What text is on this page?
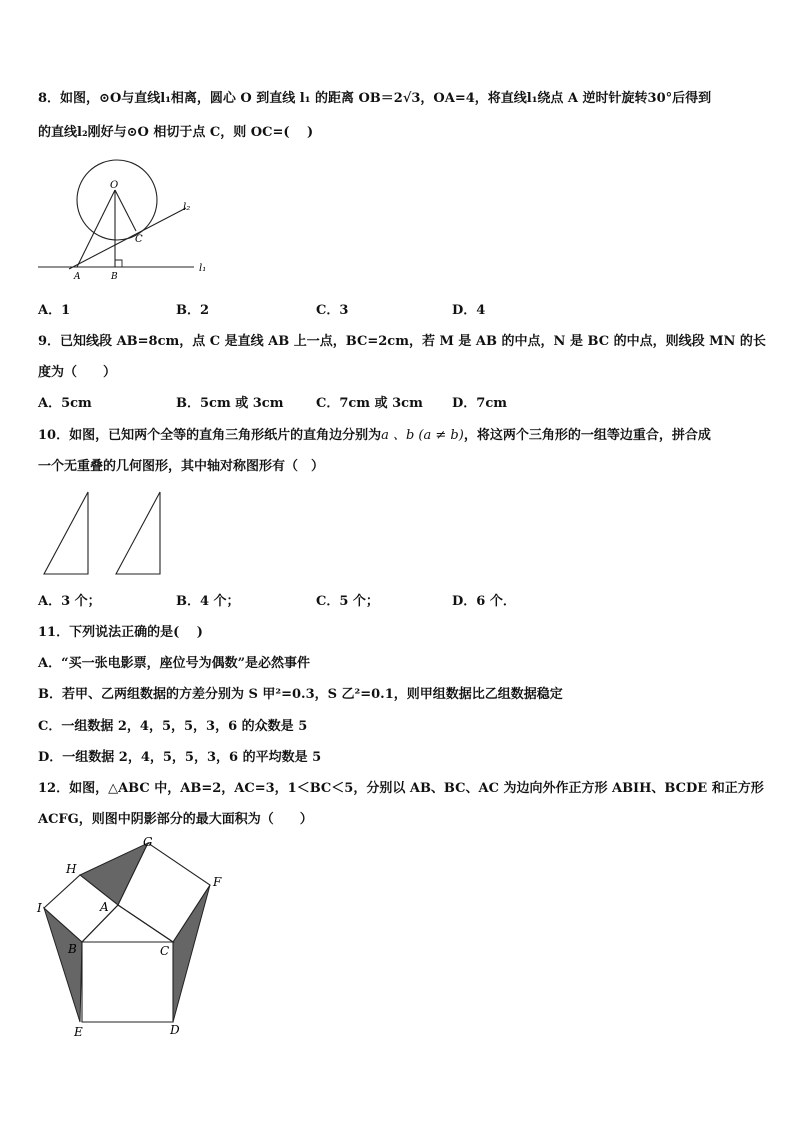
8．如图，⊙O与直线l₁相离，圆心 O 到直线 l₁ 的距离 OB＝2√3，OA=4，将直线l₁绕点 A 逆时针旋转30°后得到
的直线l₂刚好与⊙O 相切于点 C，则 OC=(　 )
O
C
A	B
l₁
l₂
A．1	B．2	C．3	D．4
9．已知线段 AB=8cm，点 C 是直线 AB 上一点，BC=2cm，若 M 是 AB 的中点，N 是 BC 的中点，则线段 MN 的长
度为（　　）
A．5cm	B．5cm 或 3cm	C．7cm 或 3cm D．7cm
10．如图，已知两个全等的直角三角形纸片的直角边分别为a 、b (a ≠ b)，将这两个三角形的一组等边重合，拼合成
一个无重叠的几何图形，其中轴对称图形有（　）
A．3 个；	B．4 个；	C．5 个；	D．6 个．
11．下列说法正确的是(　 )
A．“买一张电影票，座位号为偶数”是必然事件
B．若甲、乙两组数据的方差分别为 S 甲²=0.3，S 乙²=0.1，则甲组数据比乙组数据稳定
C．一组数据 2，4，5，5，3，6 的众数是 5
D．一组数据 2，4，5，5，3，6 的平均数是 5
12．如图，△ABC 中，AB=2，AC=3，1＜BC＜5，分别以 AB、BC、AC 为边向外作正方形 ABIH、BCDE 和正方形
ACFG，则图中阴影部分的最大面积为（　　）
G
H
F
I	A
B	C
E	D
